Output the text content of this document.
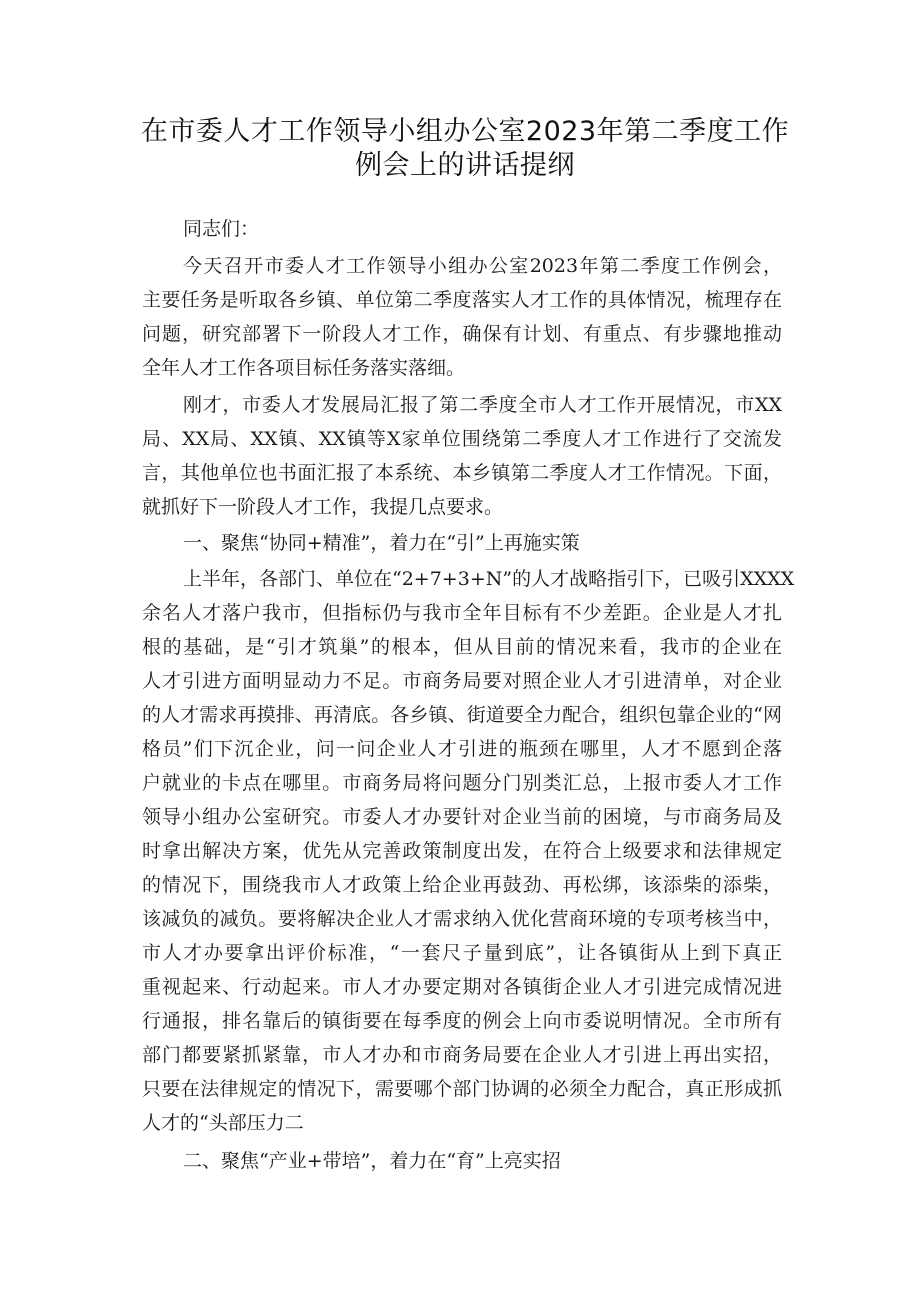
在市委人才工作领导小组办公室2023年第二季度工作
例会上的讲话提纲
同志们：
今天召开市委人才工作领导小组办公室2023年第二季度工作例会，
主要任务是听取各乡镇、单位第二季度落实人才工作的具体情况，梳理存在
问题，研究部署下一阶段人才工作，确保有计划、有重点、有步骤地推动
全年人才工作各项目标任务落实落细。
刚才，市委人才发展局汇报了第二季度全市人才工作开展情况，市XX
局、XX局、XX镇、XX镇等X家单位围绕第二季度人才工作进行了交流发
言，其他单位也书面汇报了本系统、本乡镇第二季度人才工作情况。下面，
就抓好下一阶段人才工作，我提几点要求。
一、聚焦“协同+精准”，着力在“引”上再施实策
上半年，各部门、单位在“2+7+3+N”的人才战略指引下，已吸引XXXX
余名人才落户我市，但指标仍与我市全年目标有不少差距。企业是人才扎
根的基础，是“引才筑巢”的根本，但从目前的情况来看，我市的企业在
人才引进方面明显动力不足。市商务局要对照企业人才引进清单，对企业
的人才需求再摸排、再清底。各乡镇、街道要全力配合，组织包靠企业的“网
格员”们下沉企业，问一问企业人才引进的瓶颈在哪里，人才不愿到企落
户就业的卡点在哪里。市商务局将问题分门别类汇总，上报市委人才工作
领导小组办公室研究。市委人才办要针对企业当前的困境，与市商务局及
时拿出解决方案，优先从完善政策制度出发，在符合上级要求和法律规定
的情况下，围绕我市人才政策上给企业再鼓劲、再松绑，该添柴的添柴，
该减负的减负。要将解决企业人才需求纳入优化营商环境的专项考核当中，
市人才办要拿出评价标准，“一套尺子量到底”，让各镇街从上到下真正
重视起来、行动起来。市人才办要定期对各镇街企业人才引进完成情况进
行通报，排名靠后的镇街要在每季度的例会上向市委说明情况。全市所有
部门都要紧抓紧靠，市人才办和市商务局要在企业人才引进上再出实招，
只要在法律规定的情况下，需要哪个部门协调的必须全力配合，真正形成抓
人才的“头部压力二
二、聚焦“产业+带培”，着力在“育”上亮实招
